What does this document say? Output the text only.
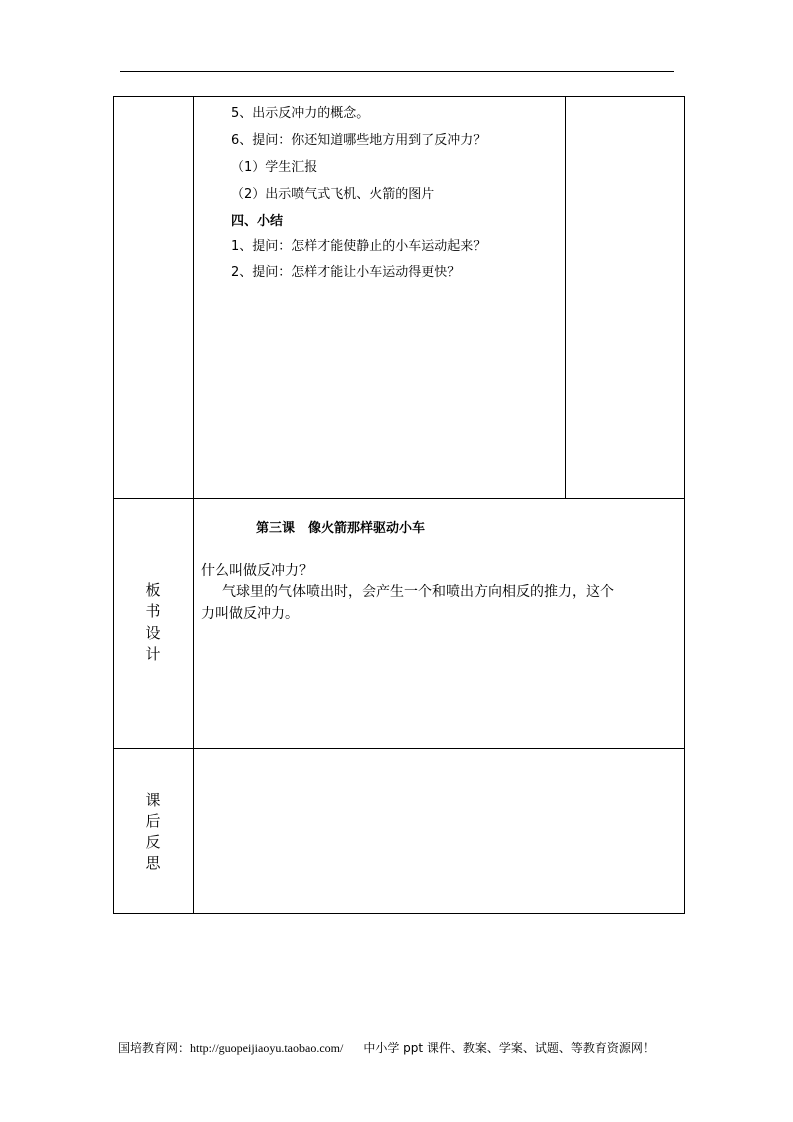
5、出示反冲力的概念。
6、提问：你还知道哪些地方用到了反冲力？
（1）学生汇报
（2）出示喷气式飞机、火箭的图片
四、小结
1、提问：怎样才能使静止的小车运动起来？
2、提问：怎样才能让小车运动得更快？
板
书
设
计
第三课　像火箭那样驱动小车
什么叫做反冲力？
气球里的气体喷出时，会产生一个和喷出方向相反的推力，这个
力叫做反冲力。
课
后
反
思
国培教育网：http://guopeijiaoyu.taobao.com/ 中小学 ppt 课件、教案、学案、试题、等教育资源网！
